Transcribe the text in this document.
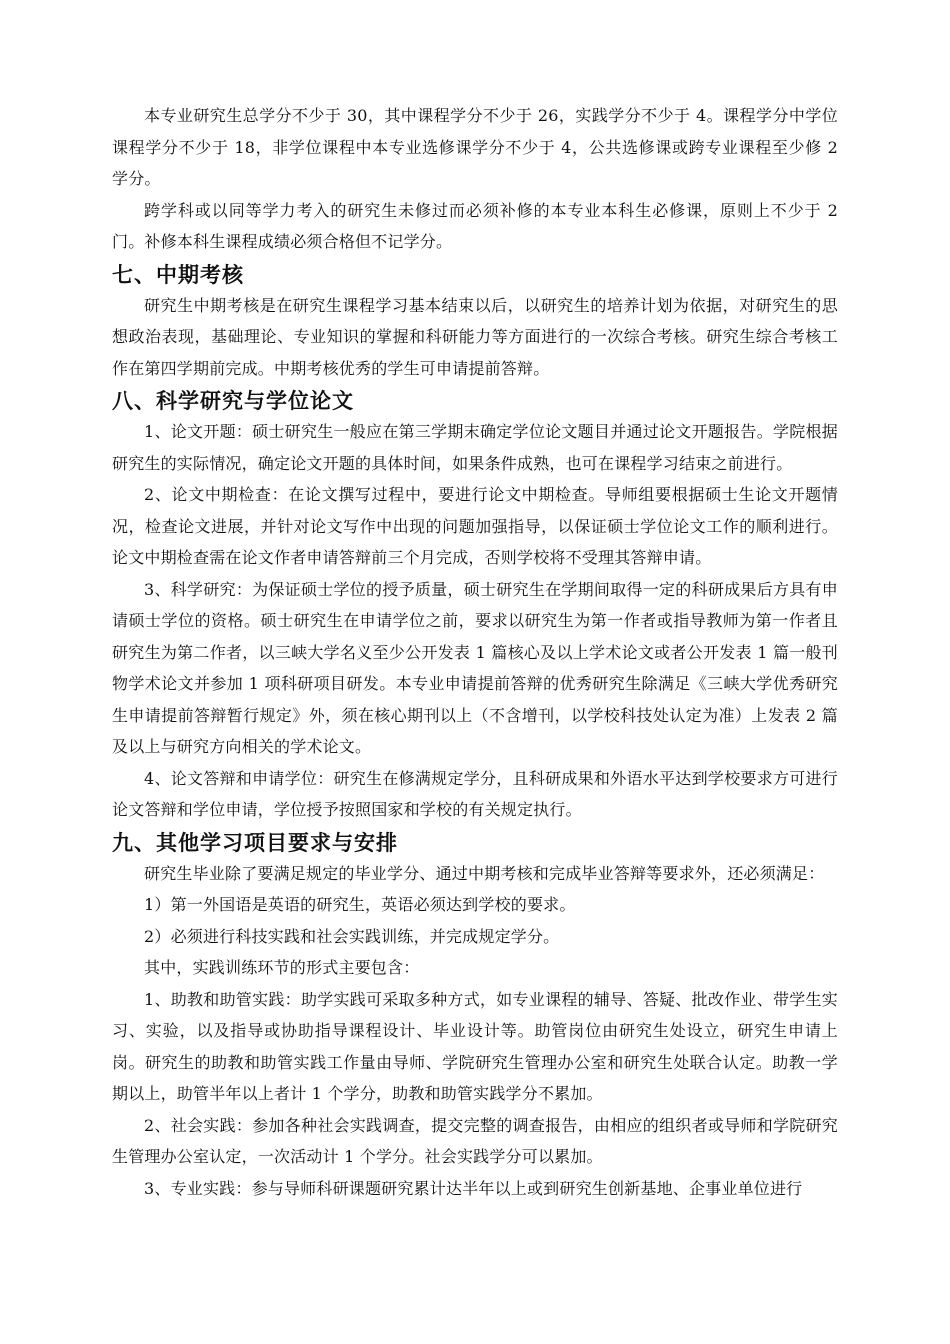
本专业研究生总学分不少于 30，其中课程学分不少于 26，实践学分不少于 4。课程学分中学位课程学分不少于 18，非学位课程中本专业选修课学分不少于 4，公共选修课或跨专业课程至少修 2 学分。

跨学科或以同等学力考入的研究生未修过而必须补修的本专业本科生必修课，原则上不少于 2 门。补修本科生课程成绩必须合格但不记学分。

七、中期考核

研究生中期考核是在研究生课程学习基本结束以后，以研究生的培养计划为依据，对研究生的思想政治表现，基础理论、专业知识的掌握和科研能力等方面进行的一次综合考核。研究生综合考核工作在第四学期前完成。中期考核优秀的学生可申请提前答辩。

八、科学研究与学位论文

1、论文开题：硕士研究生一般应在第三学期末确定学位论文题目并通过论文开题报告。学院根据研究生的实际情况，确定论文开题的具体时间，如果条件成熟，也可在课程学习结束之前进行。

2、论文中期检查：在论文撰写过程中，要进行论文中期检查。导师组要根据硕士生论文开题情况，检查论文进展，并针对论文写作中出现的问题加强指导，以保证硕士学位论文工作的顺利进行。论文中期检查需在论文作者申请答辩前三个月完成，否则学校将不受理其答辩申请。

3、科学研究：为保证硕士学位的授予质量，硕士研究生在学期间取得一定的科研成果后方具有申请硕士学位的资格。硕士研究生在申请学位之前，要求以研究生为第一作者或指导教师为第一作者且研究生为第二作者，以三峡大学名义至少公开发表 1 篇核心及以上学术论文或者公开发表 1 篇一般刊物学术论文并参加 1 项科研项目研发。本专业申请提前答辩的优秀研究生除满足《三峡大学优秀研究生申请提前答辩暂行规定》外，须在核心期刊以上（不含增刊，以学校科技处认定为准）上发表 2 篇及以上与研究方向相关的学术论文。

4、论文答辩和申请学位：研究生在修满规定学分，且科研成果和外语水平达到学校要求方可进行论文答辩和学位申请，学位授予按照国家和学校的有关规定执行。

九、其他学习项目要求与安排

研究生毕业除了要满足规定的毕业学分、通过中期考核和完成毕业答辩等要求外，还必须满足：

1）第一外国语是英语的研究生，英语必须达到学校的要求。

2）必须进行科技实践和社会实践训练，并完成规定学分。

其中，实践训练环节的形式主要包含：

1、助教和助管实践：助学实践可采取多种方式，如专业课程的辅导、答疑、批改作业、带学生实习、实验，以及指导或协助指导课程设计、毕业设计等。助管岗位由研究生处设立，研究生申请上岗。研究生的助教和助管实践工作量由导师、学院研究生管理办公室和研究生处联合认定。助教一学期以上，助管半年以上者计 1 个学分，助教和助管实践学分不累加。

2、社会实践：参加各种社会实践调查，提交完整的调查报告，由相应的组织者或导师和学院研究生管理办公室认定，一次活动计 1 个学分。社会实践学分可以累加。

3、专业实践：参与导师科研课题研究累计达半年以上或到研究生创新基地、企事业单位进行
